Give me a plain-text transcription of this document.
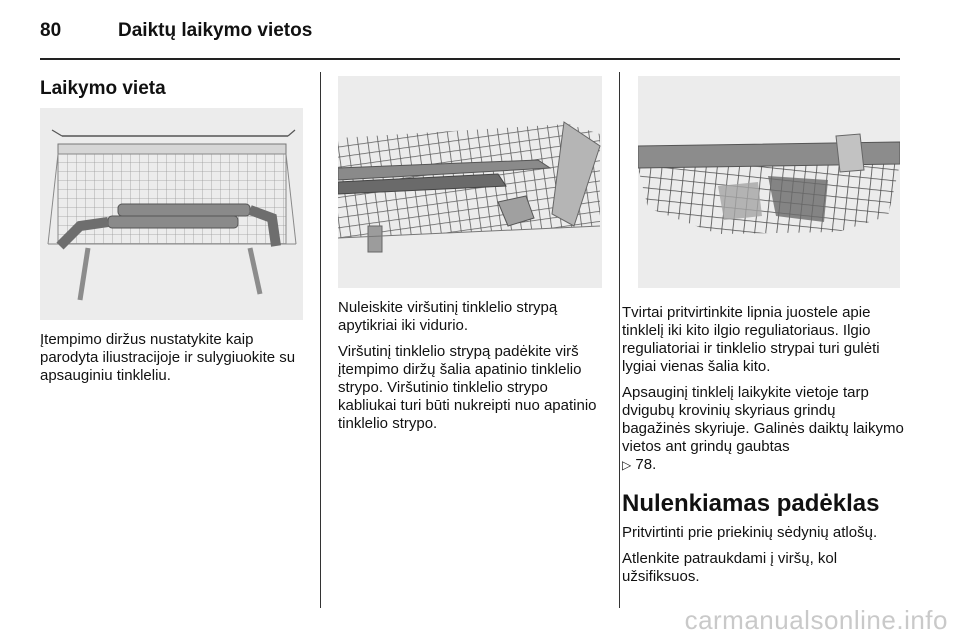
80	Daiktų laikymo vietos
Laikymo vieta

Įtempimo diržus nustatykite kaip parodyta iliustracijoje ir sulygiuokite su apsauginiu tinkleliu.

Nuleiskite viršutinį tinklelio strypą apytikriai iki vidurio.

Viršutinį tinklelio strypą padėkite virš įtempimo diržų šalia apatinio tinklelio strypo. Viršutinio tinklelio strypo kabliukai turi būti nukreipti nuo apatinio tinklelio strypo.

Tvirtai pritvirtinkite lipnia juostele apie tinklelį iki kito ilgio reguliatoriaus. Ilgio reguliatoriai ir tinklelio strypai turi gulėti lygiai vienas šalia kito.

Apsauginį tinklelį laikykite vietoje tarp dvigubų krovinių skyriaus grindų bagažinės skyriuje. Galinės daiktų laikymo vietos ant grindų gaubtas

▷ 78.

Nulenkiamas padėklas

Pritvirtinti prie priekinių sėdynių atlošų.

Atlenkite patraukdami į viršų, kol užsifiksuos.

carmanualsonline.info
